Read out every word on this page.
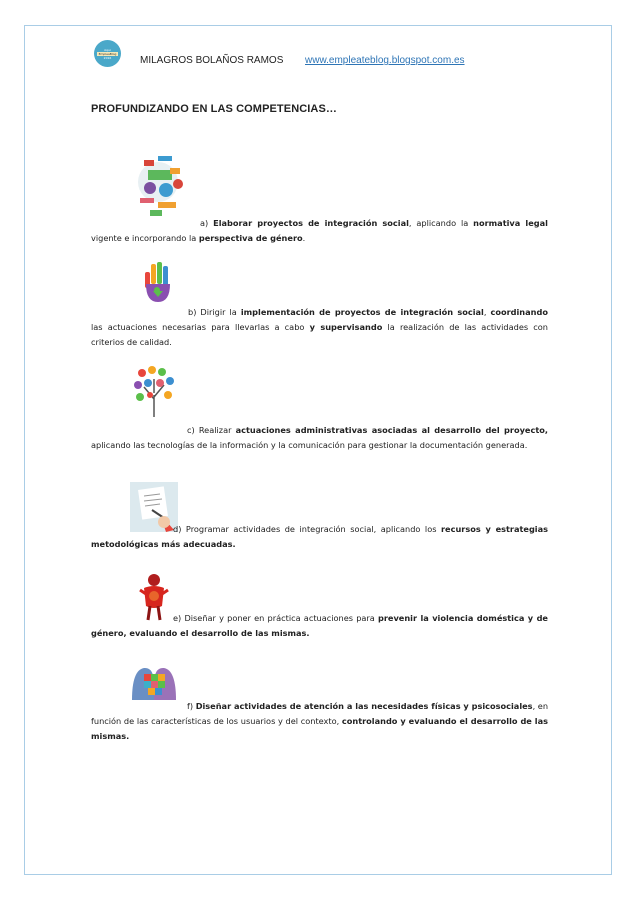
Aqui
EmpleaBlog
2016	MILAGROS BOLAÑOS RAMOS www.empleateblog.blogspot.com.es
PROFUNDIZANDO EN LAS COMPETENCIAS…
a) Elaborar proyectos de integración social, aplicando la normativa legal vigente e incorporando la perspectiva de género.
b) Dirigir la implementación de proyectos de integración social, coordinando las actuaciones necesarias para llevarlas a cabo y supervisando la realización de las actividades con criterios de calidad.
c) Realizar actuaciones administrativas asociadas al desarrollo del proyecto, aplicando las tecnologías de la información y la comunicación para gestionar la documentación generada.
d) Programar actividades de integración social, aplicando los recursos y estrategias metodológicas más adecuadas.
e) Diseñar y poner en práctica actuaciones para prevenir la violencia doméstica y de género, evaluando el desarrollo de las mismas.
f) Diseñar actividades de atención a las necesidades físicas y psicosociales, en función de las características de los usuarios y del contexto, controlando y evaluando el desarrollo de las mismas.
